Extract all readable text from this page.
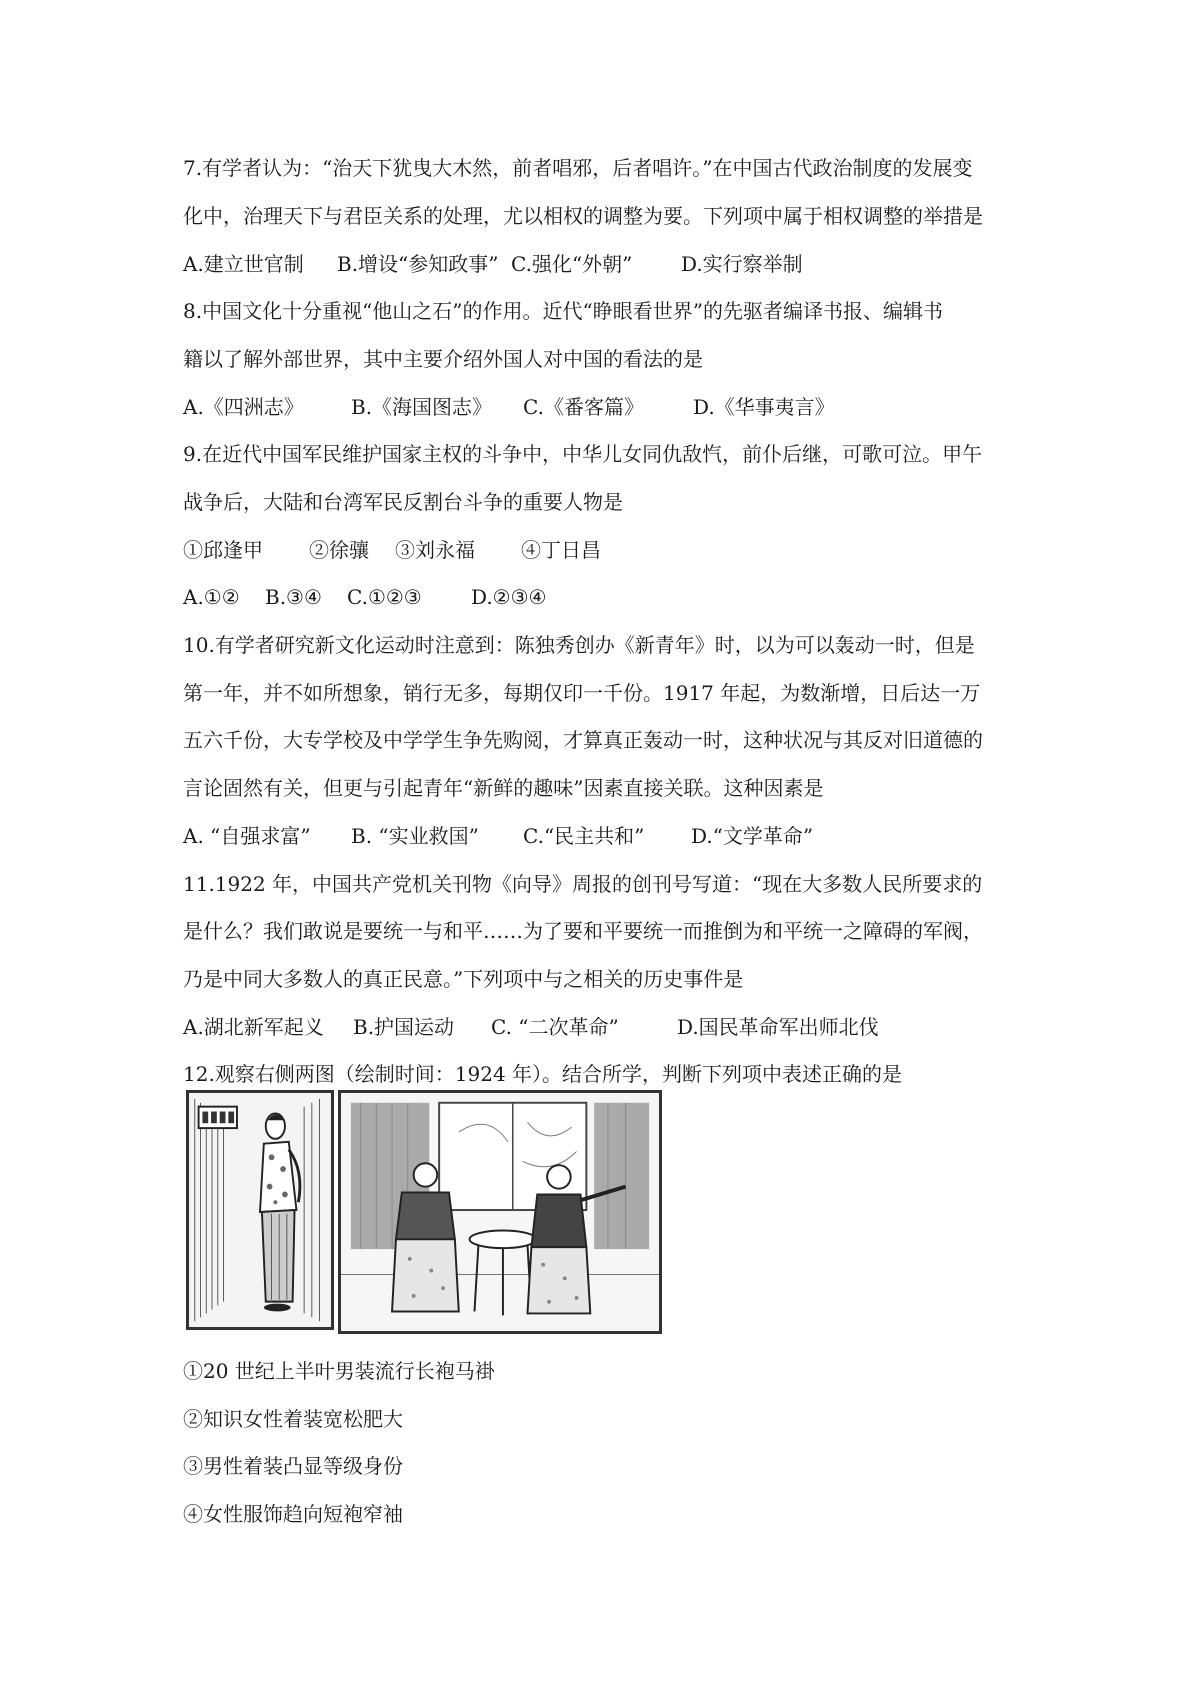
7.有学者认为：“治天下犹曳大木然，前者唱邪，后者唱许。”在中国古代政治制度的发展变
化中，治理天下与君臣关系的处理，尤以相权的调整为要。下列项中属于相权调整的举措是
A.建立世官制 B.增设“参知政事” C.强化“外朝” D.实行察举制
8.中国文化十分重视“他山之石”的作用。近代“睁眼看世界”的先驱者编译书报、编辑书
籍以了解外部世界，其中主要介绍外国人对中国的看法的是
A.《四洲志》 B.《海国图志》 C.《番客篇》 D.《华事夷言》
9.在近代中国军民维护国家主权的斗争中，中华儿女同仇敌忾，前仆后继，可歌可泣。甲午
战争后，大陆和台湾军民反割台斗争的重要人物是
①邱逢甲 ②徐骧 ③刘永福 ④丁日昌
A.①② B.③④ C.①②③ D.②③④
10.有学者研究新文化运动时注意到：陈独秀创办《新青年》时，以为可以轰动一时，但是
第一年，并不如所想象，销行无多，每期仅印一千份。1917 年起，为数渐增，日后达一万
五六千份，大专学校及中学学生争先购阅，才算真正轰动一时，这种状况与其反对旧道德的
言论固然有关，但更与引起青年“新鲜的趣味”因素直接关联。这种因素是
A. “自强求富” B. “实业救国” C.“民主共和” D.“文学革命”
11.1922 年，中国共产党机关刊物《向导》周报的创刊号写道：“现在大多数人民所要求的
是什么？我们敢说是要统一与和平……为了要和平要统一而推倒为和平统一之障碍的军阀，
乃是中同大多数人的真正民意。”下列项中与之相关的历史事件是
A.湖北新军起义 B.护国运动 C. “二次革命”	D.国民革命军出师北伐
12.观察右侧两图（绘制时间：1924 年）。结合所学，判断下列项中表述正确的是
①20 世纪上半叶男装流行长袍马褂
②知识女性着装宽松肥大
③男性着装凸显等级身份
④女性服饰趋向短袍窄袖
